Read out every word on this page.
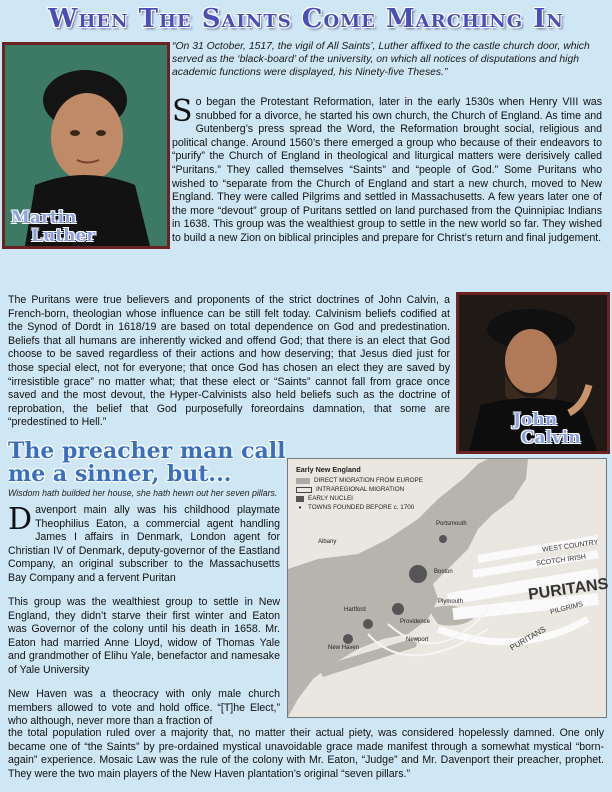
When The Saints Come Marching In
Martin
Luther
“On 31 October, 1517, the vigil of All Saints’, Luther affixed to the castle church door, which served as the ‘black-board’ of the university, on which all notices of disputations and high academic functions were displayed, his Ninety-five Theses.”
So began the Protestant Reformation, later in the early 1530s when Henry VIII was snubbed for a divorce, he started his own church, the Church of England. As time and Gutenberg’s press spread the Word, the Reformation brought social, religious and political change. Around 1560’s there emerged a group who because of their endeavors to “purify” the Church of England in theological and liturgical matters were derisively called “Puritans.” They called themselves “Saints” and “people of God.” Some Puritans who wished to “separate from the Church of England and start a new church, moved to New England. They were called Pilgrims and settled in Massachusetts. A few years later one of the more “devout” group of Puritans settled on land purchased from the Quinnipiac Indians in 1638. This group was the wealthiest group to settle in the new world so far. They wished to build a new Zion on biblical principles and prepare for Christ’s return and final judgement.
John
Calvin
The Puritans were true believers and proponents of the strict doctrines of John Calvin, a French-born, theologian whose influence can be still felt today. Calvinism beliefs codified at the Synod of Dordt in 1618/19 are based on total dependence on God and predestination. Beliefs that all humans are inherently wicked and offend God; that there is an elect that God choose to be saved regardless of their actions and how deserving; that Jesus died just for those special elect, not for everyone; that once God has chosen an elect they are saved by “irresistible grace” no matter what; that these elect or “Saints” cannot fall from grace once saved and the most devout, the Hyper-Calvinists also held beliefs such as the doctrine of reprobation, the belief that God purposefully foreordains damnation, that some are “predestined to Hell.”
The preacher man call me a sinner, but...
Wisdom hath builded her house, she hath hewn out her seven pillars.
Davenport main ally was his childhood playmate Theophilius Eaton, a commercial agent handling James I affairs in Denmark, London agent for Christian IV of Denmark, deputy-governor of the Eastland Company, an original subscriber to the Massachusetts Bay Company and a fervent Puritan
This group was the wealthiest group to settle in New England, they didn’t starve their first winter and Eaton was Governor of the colony until his death in 1658. Mr. Eaton had married Anne Lloyd, widow of Thomas Yale and grandmother of Elihu Yale, benefactor and namesake of Yale University
New Haven was a theocracy with only male church members allowed to vote and hold office. “[T]he Elect,” who although, never more than a fraction of
the total population ruled over a majority that, no matter their actual piety, was considered hopelessly damned. One only became one of “the Saints” by pre-ordained mystical unavoidable grace made manifest through a somewhat mystical “born-again” experience. Mosaic Law was the rule of the colony with Mr. Eaton, “Judge” and Mr. Davenport their preacher, prophet. They were the two main players of the New Haven plantation’s original “seven pillars.”
Early New England
DIRECT MIGRATION FROM EUROPE
INTRAREGIONAL MIGRATION
EARLY NUCLEI
•	TOWNS FOUNDED BEFORE c. 1700
WEST COUNTRY
SCOTCH IRISH
PURITANS
PILGRIMS
PURITANS
Portsmouth
Albany
Boston
Plymouth
Hartford
New Haven
Providence
Newport
